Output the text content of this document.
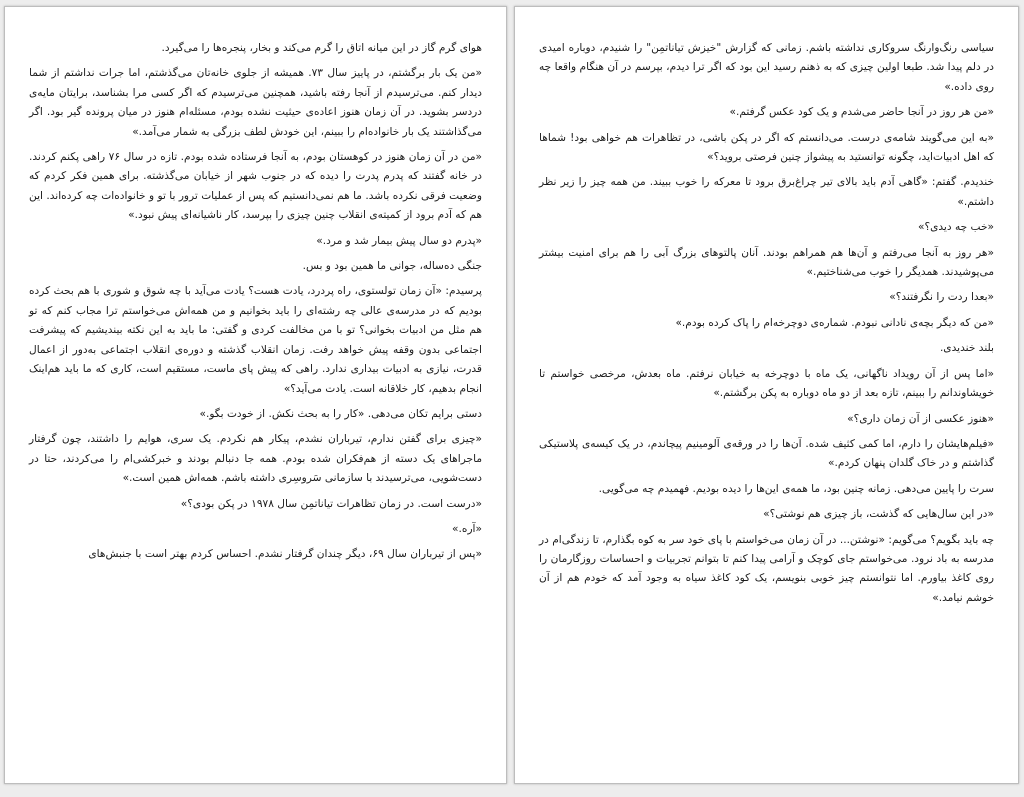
سیاسی رنگ‌وارنگ سروکاری نداشته باشم. زمانی که گزارش "خیزش تیاناتمِن" را شنیدم، دوباره امیدی در دلم پیدا شد. طبعا اولین چیزی که به ذهنم رسید این بود که اگر ترا دیدم، بپرسم در آن هنگام واقعا چه روی داده.»

«من هر روز در آنجا حاضر می‌شدم و یک کود عکس گرفتم.»

«به این می‌گویند شامه‌ی درست. می‌دانستم که اگر در پکن باشی، در تظاهرات هم خواهی بود! شماها که اهل ادبیات‌اید، چگونه توانستید به پیشواز چنین فرصتی بروید؟»

خندیدم. گفتم: «گاهی آدم باید بالای تیر چراغ‌برق برود تا معرکه را خوب ببیند. من همه چیز را زیر نظر داشتم.»

«خب چه دیدی؟»

«هر روز به آنجا می‌رفتم و آن‌ها هم همراهم بودند. آنان پالتوهای بزرگ آبی را هم برای امنیت بیشتر می‌پوشیدند. همدیگر را خوب می‌شناختیم.»

«بعدا ردت را نگرفتند؟»

«من که دیگر بچه‌ی نادانی نبودم. شماره‌ی دوچرخه‌ام را پاک کرده بودم.»

بلند خندیدی.

«اما پس از آن رویداد ناگهانی، یک ماه با دوچرخه به خیابان نرفتم. ماه بعدش، مرخصی خواستم تا خویشاوندانم را ببینم، تازه بعد از دو ماه دوباره به پکن برگشتم.»

«هنوز عکسی از آن زمان داری؟»

«فیلم‌هایشان را دارم، اما کمی کثیف شده. آن‌ها را در ورقه‌ی آلومینیم پیچاندم، در یک کیسه‌ی پلاستیکی گذاشتم و در خاک گلدان پنهان کردم.»

سرت را پایین می‌دهی. زمانه چنین بود، ما همه‌ی این‌ها را دیده بودیم. فهمیدم چه می‌گویی.

«در این سال‌هایی که گذشت، باز چیزی هم نوشتی؟»

چه باید بگویم؟ می‌گویم: «نوشتن... در آن زمان می‌خواستم با پای خود سر به کوه بگذارم، تا زندگی‌ام در مدرسه به باد نرود. می‌خواستم جای کوچک و آرامی پیدا کنم تا بتوانم تجربیات و احساسات روزگارمان را روی کاغذ بیاورم. اما نتوانستم چیز خوبی بنویسم، یک کود کاغذ سیاه به وجود آمد که خودم هم از آن خوشم نیامد.»

هوای گرم گاز در این میانه اتاق را گرم می‌کند و بخار، پنجره‌ها را می‌گیرد.

«من یک بار برگشتم، در پاییز سال ۷۳. همیشه از جلوی خانه‌تان می‌گذشتم، اما جرات نداشتم از شما دیدار کنم. می‌ترسیدم از آنجا رفته باشید، همچنین می‌ترسیدم که اگر کسی مرا بشناسد، برایتان مایه‌ی دردسر بشوید. در آن زمان هنوز اعاده‌ی حیثیت نشده بودم، مسئله‌ام هنوز در میان پرونده گیر بود. اگر می‌گذاشتند یک بار خانواده‌ام را ببینم، این خودش لطف بزرگی به شمار می‌آمد.»

«من در آن زمان هنوز در کوهستان بودم، به آنجا فرستاده شده بودم. تازه در سال ۷۶ راهی پکنم کردند. در خانه گفتند که پدرم پدرت را دیده که در جنوب شهر از خیابان می‌گذشته. برای همین فکر کردم که وضعیت فرقی نکرده باشد. ما هم نمی‌دانستیم که پس از عملیات ترور با تو و خانواده‌ات چه کرده‌اند. این هم که آدم برود از کمیته‌ی انقلاب چنین چیزی را بپرسد، کار ناشیانه‌ای پیش نبود.»

«پدرم دو سال پیش بیمار شد و مرد.»

جنگی ده‌ساله، جوانی ما همین بود و بس.

پرسیدم: «آن زمان تولستوی، راه پردرد، یادت هست؟ یادت می‌آید با چه شوق و شوری با هم بحث کرده بودیم که در مدرسه‌ی عالی چه رشته‌ای را باید بخوانیم و من همه‌اش می‌خواستم ترا مجاب کنم که تو هم مثل من ادبیات بخوانی؟ تو با من مخالفت کردی و گفتی: ما باید به این نکته بیندیشیم که پیشرفت اجتماعی بدون وقفه پیش خواهد رفت. زمان انقلاب گذشته و دوره‌ی انقلاب اجتماعی به‌دور از اعمال قدرت، نیازی به ادبیات بیداری ندارد. راهی که پیش پای ماست، مستقیم است، کاری که ما باید هم‌اینک انجام بدهیم، کار خلاقانه است. یادت می‌آید؟»

دستی برایم تکان می‌دهی. «کار را به بحث نکش. از خودت بگو.»

«چیزی برای گفتن ندارم، تیرباران نشدم، پیکار هم نکردم. یک سری، هوایم را داشتند، چون گرفتار ماجراهای یک دسته از هم‌فکران شده بودم. همه جا دنبالم بودند و خبرکشی‌ام را می‌کردند، حتا در دست‌شویی، می‌ترسیدند با سازمانی سَروسِری داشته باشم. همه‌اش همین است.»

«درست است. در زمان تظاهرات تیاناتمِن سال ۱۹۷۸ در پکن بودی؟»

«آره.»

«پس از تیرباران سال ۶۹، دیگر چندان گرفتار نشدم. احساس کردم بهتر است با جنبش‌های
